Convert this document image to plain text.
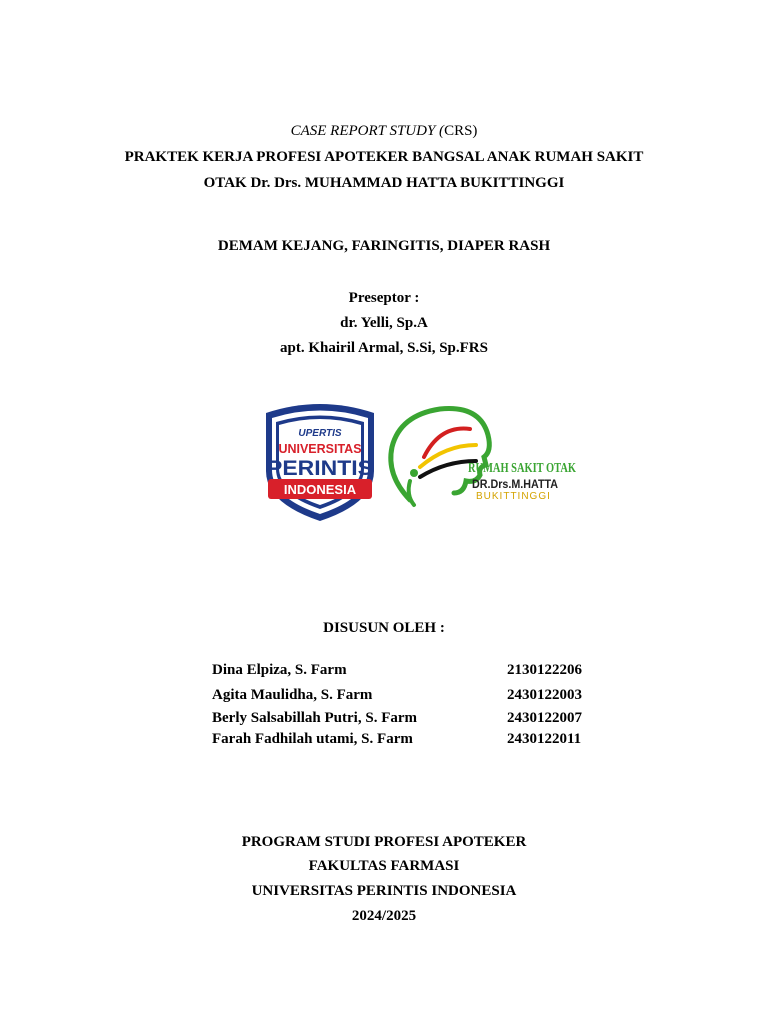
CASE REPORT STUDY (CRS)
PRAKTEK KERJA PROFESI APOTEKER BANGSAL ANAK RUMAH SAKIT
OTAK Dr. Drs. MUHAMMAD HATTA BUKITTINGGI
DEMAM KEJANG, FARINGITIS, DIAPER RASH
Preseptor :
dr. Yelli, Sp.A
apt. Khairil Armal, S.Si, Sp.FRS
UPERTIS
UNIVERSITAS
PERINTIS
INDONESIA
RUMAH SAKIT OTAK
DR.Drs.M.HATTA
BUKITTINGGI
DISUSUN OLEH :
Dina Elpiza, S. Farm	2130122206
Agita Maulidha, S. Farm	2430122003
Berly Salsabillah Putri, S. Farm	2430122007
Farah Fadhilah utami, S. Farm	2430122011
PROGRAM STUDI PROFESI APOTEKER
FAKULTAS FARMASI
UNIVERSITAS PERINTIS INDONESIA
2024/2025
